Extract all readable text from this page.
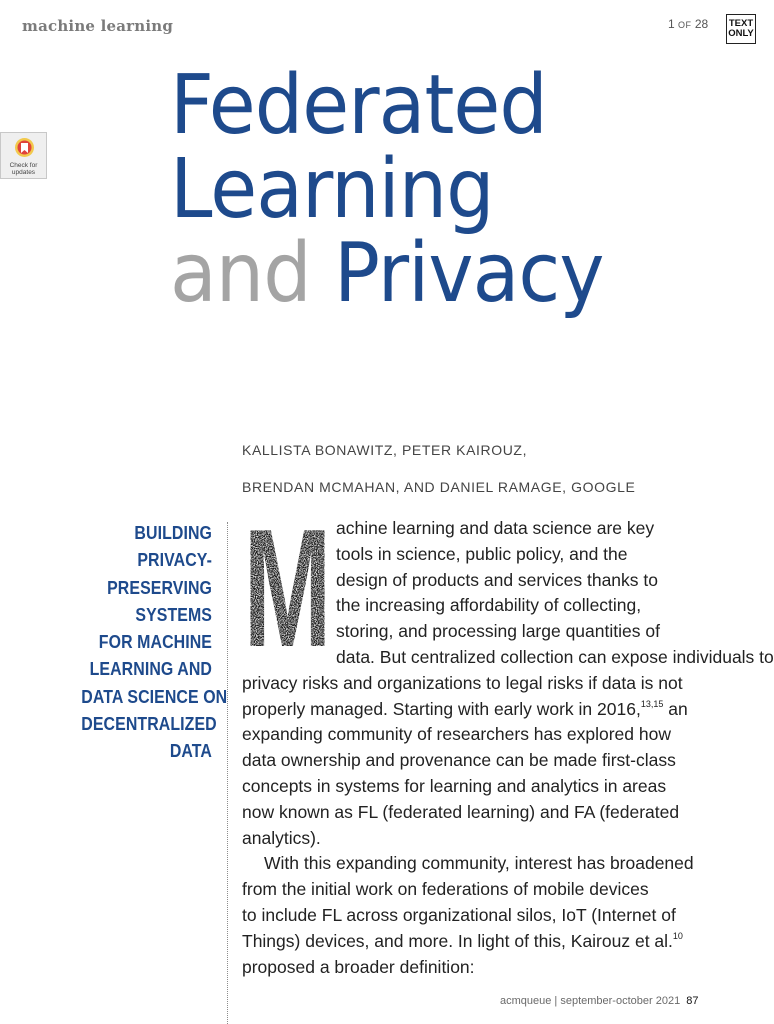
machine learning	1 OF 28 TEXT
ONLY
Check for
updates
Federated
Learning
and Privacy
KALLISTA BONAWITZ, PETER KAIROUZ,
BRENDAN MCMAHAN, AND DANIEL RAMAGE, GOOGLE
BUILDING
PRIVACY-
PRESERVING
SYSTEMS
FOR MACHINE
LEARNING AND
DATA SCIENCE ON
DECENTRALIZED
DATA
M achine learning and data science are key
tools in science, public policy, and the
design of products and services thanks to
the increasing affordability of collecting,
storing, and processing large quantities of
data. But centralized collection can expose individuals to
privacy risks and organizations to legal risks if data is not
properly managed. Starting with early work in 2016,$^{13,15}$ an
expanding community of researchers has explored how
data ownership and provenance can be made first-class
concepts in systems for learning and analytics in areas
now known as FL (federated learning) and FA (federated
analytics).

With this expanding community, interest has broadened
from the initial work on federations of mobile devices
to include FL across organizational silos, IoT (Internet of
Things) devices, and more. In light of this, Kairouz et al.$^{10}$
proposed a broader definition:

acmqueue | september-october 2021 87
